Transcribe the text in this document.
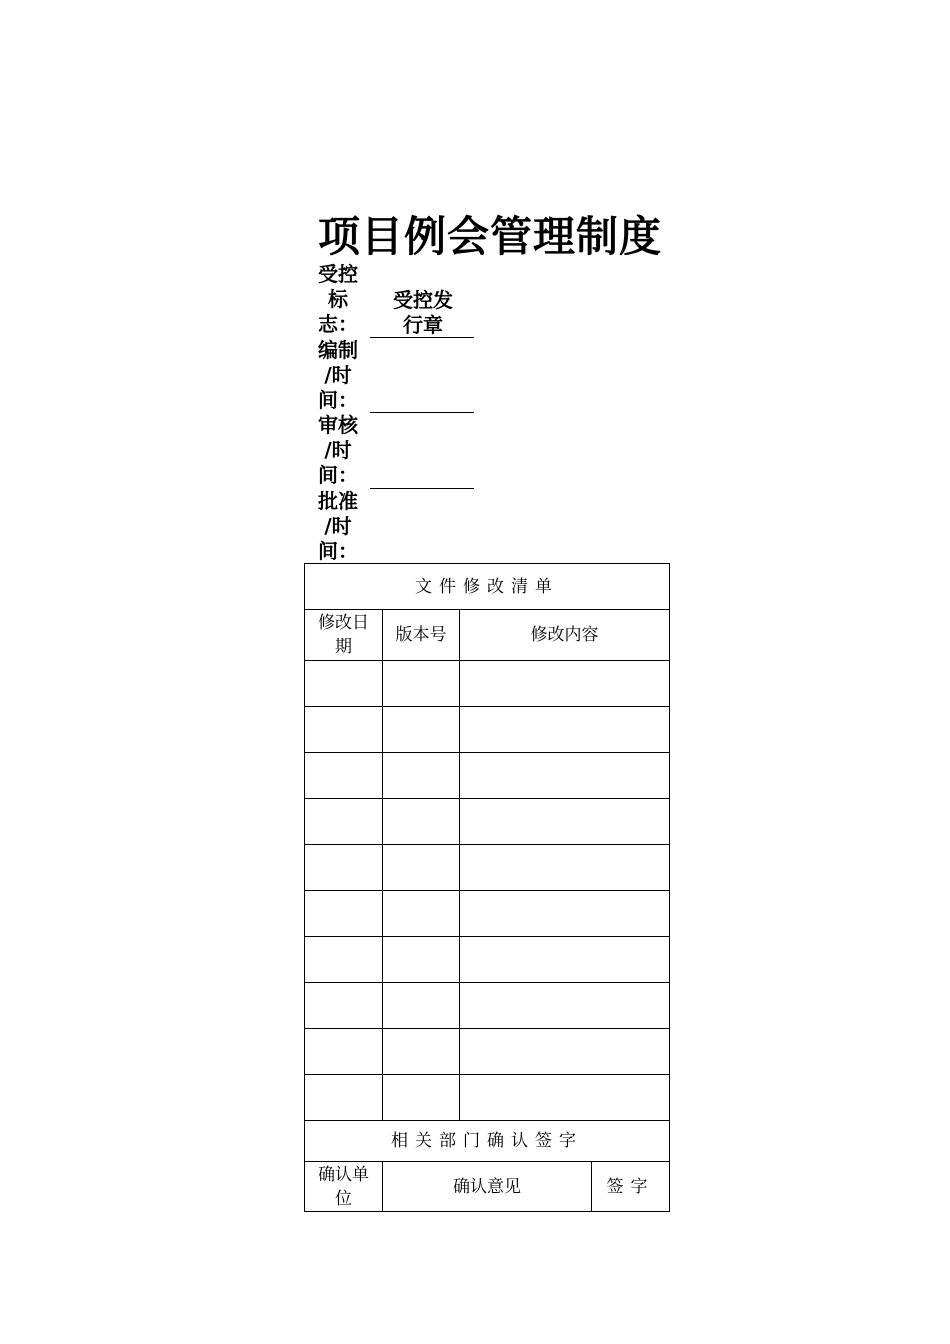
项目例会管理制度
受控
标
志：
受控发
行章
编制
/时
间：
审核
/时
间：
批准
/时
间：
文件修改清单			
修改日
期	版本号	修改内容	

相关部门确认签字			
确认单
位	确认意见		签字
